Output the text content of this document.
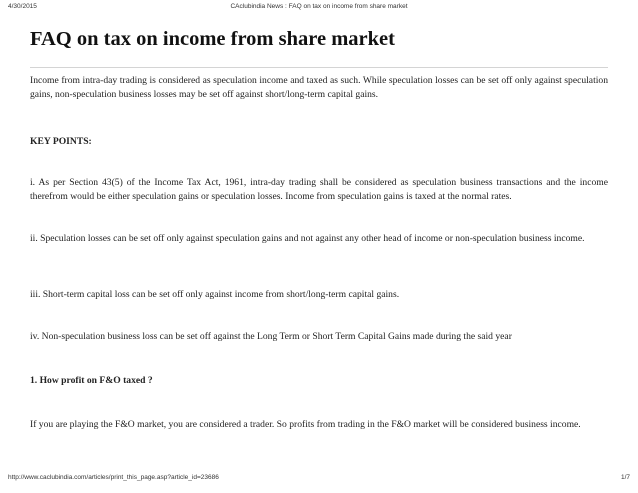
4/30/2015	CAclubindia News : FAQ on tax on income from share market
FAQ on tax on income from share market

Income from intra-day trading is considered as speculation income and taxed as such. While speculation losses can be set off only against speculation gains, non-speculation business losses may be set off against short/long-term capital gains.

KEY POINTS:

i. As per Section 43(5) of the Income Tax Act, 1961, intra-day trading shall be considered as speculation business transactions and the income therefrom would be either speculation gains or speculation losses. Income from speculation gains is taxed at the normal rates.

ii. Speculation losses can be set off only against speculation gains and not against any other head of income or non-speculation business income.

iii. Short-term capital loss can be set off only against income from short/long-term capital gains.

iv. Non-speculation business loss can be set off against the Long Term or Short Term Capital Gains made during the said year

1. How profit on F&O taxed ?

If you are playing the F&O market, you are considered a trader. So profits from trading in the F&O market will be considered business income.

http://www.caclubindia.com/articles/print_this_page.asp?article_id=23686	1/7
